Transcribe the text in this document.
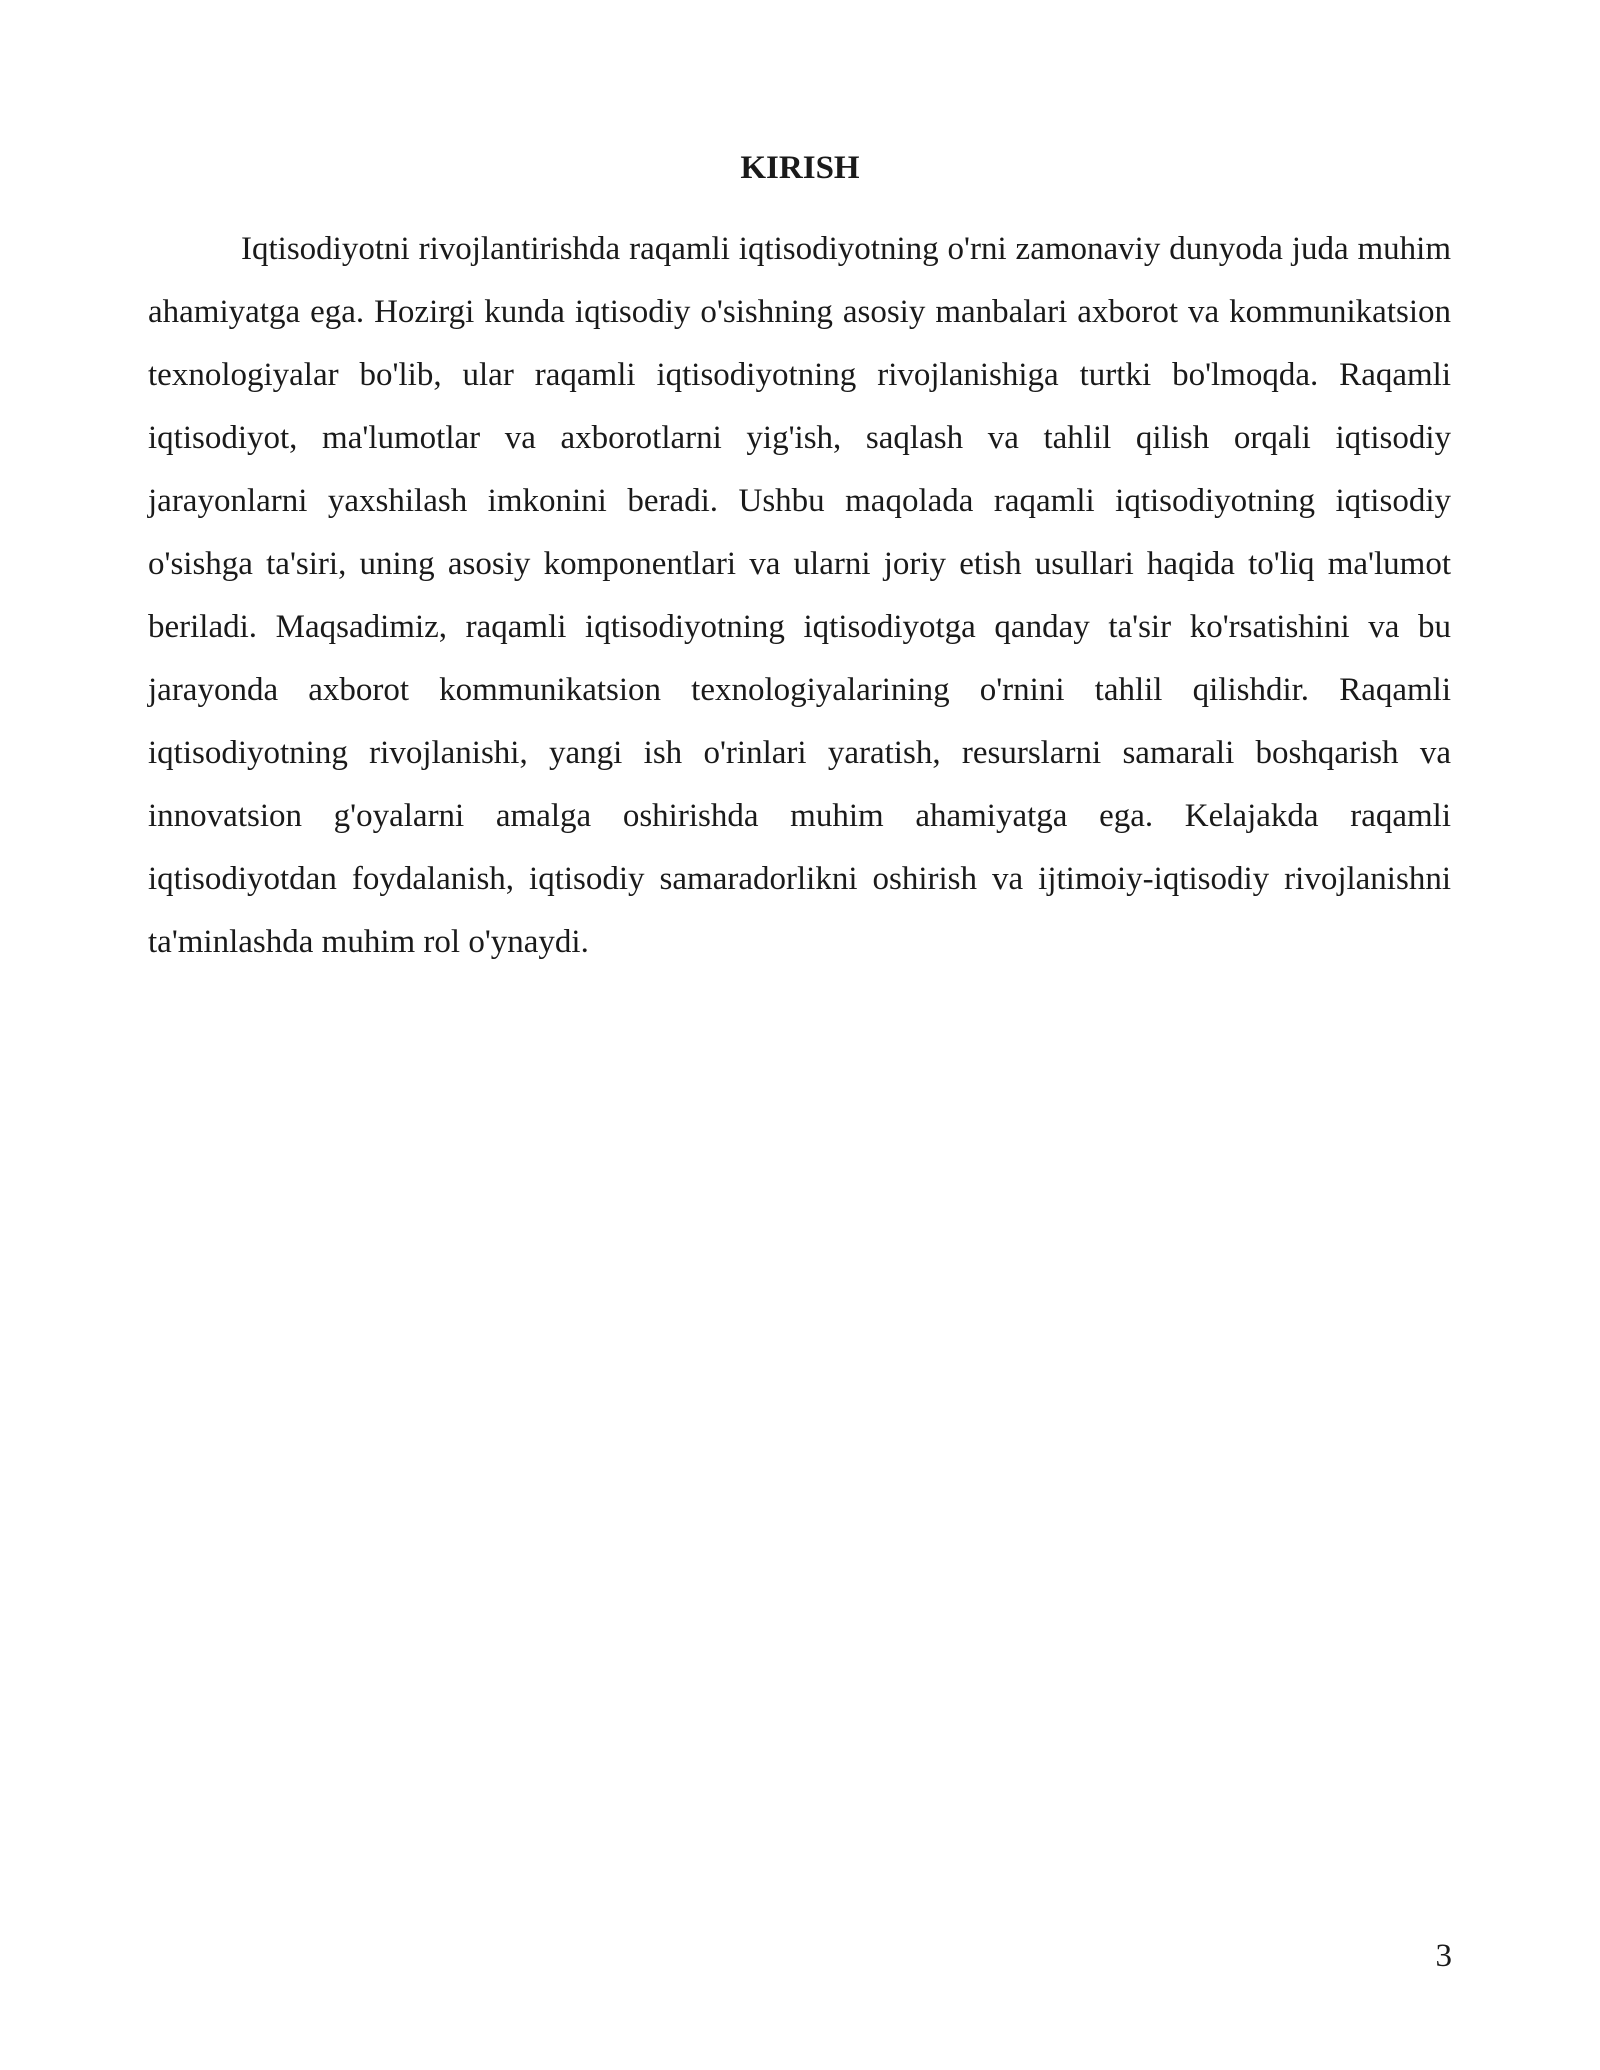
KIRISH

Iqtisodiyotni rivojlantirishda raqamli iqtisodiyotning o'rni zamonaviy dunyoda juda muhim ahamiyatga ega. Hozirgi kunda iqtisodiy o'sishning asosiy manbalari axborot va kommunikatsion texnologiyalar bo'lib, ular raqamli iqtisodiyotning rivojlanishiga turtki bo'lmoqda. Raqamli iqtisodiyot, ma'lumotlar va axborotlarni yig'ish, saqlash va tahlil qilish orqali iqtisodiy jarayonlarni yaxshilash imkonini beradi. Ushbu maqolada raqamli iqtisodiyotning iqtisodiy o'sishga ta'siri, uning asosiy komponentlari va ularni joriy etish usullari haqida to'liq ma'lumot beriladi. Maqsadimiz, raqamli iqtisodiyotning iqtisodiyotga qanday ta'sir ko'rsatishini va bu jarayonda axborot kommunikatsion texnologiyalarining o'rnini tahlil qilishdir. Raqamli iqtisodiyotning rivojlanishi, yangi ish o'rinlari yaratish, resurslarni samarali boshqarish va innovatsion g'oyalarni amalga oshirishda muhim ahamiyatga ega. Kelajakda raqamli iqtisodiyotdan foydalanish, iqtisodiy samaradorlikni oshirish va ijtimoiy-iqtisodiy rivojlanishni ta'minlashda muhim rol o'ynaydi.

3
